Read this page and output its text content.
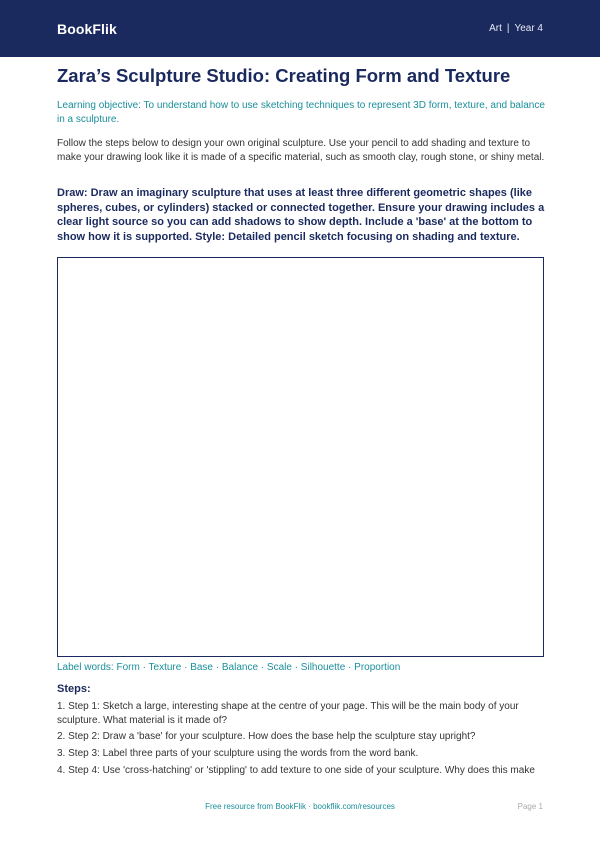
BookFlik	Art | Year 4
Zara’s Sculpture Studio: Creating Form and Texture

Learning objective: To understand how to use sketching techniques to represent 3D form, texture, and balance in a sculpture.

Follow the steps below to design your own original sculpture. Use your pencil to add shading and texture to make your drawing look like it is made of a specific material, such as smooth clay, rough stone, or shiny metal.

Draw: Draw an imaginary sculpture that uses at least three different geometric shapes (like spheres, cubes, or cylinders) stacked or connected together. Ensure your drawing includes a clear light source so you can add shadows to show depth. Include a 'base' at the bottom to show how it is supported. Style: Detailed pencil sketch focusing on shading and texture.

Label words: Form · Texture · Base · Balance · Scale · Silhouette · Proportion

Steps:
1. Step 1: Sketch a large, interesting shape at the centre of your page. This will be the main body of your sculpture. What material is it made of?
2. Step 2: Draw a 'base' for your sculpture. How does the base help the sculpture stay upright?
3. Step 3: Label three parts of your sculpture using the words from the word bank.
4. Step 4: Use 'cross-hatching' or 'stippling' to add texture to one side of your sculpture. Why does this make
Free resource from BookFlik · bookflik.com/resources	Page 1
